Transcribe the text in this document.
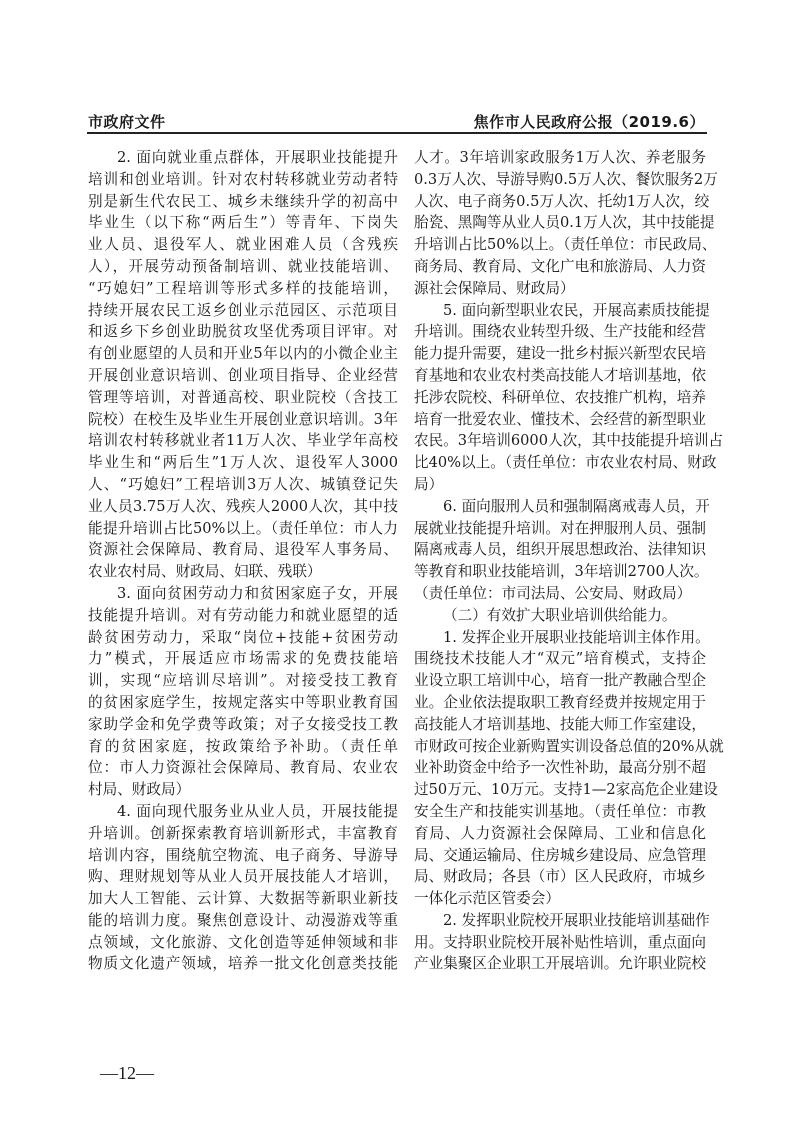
市政府文件	焦作市人民政府公报（2019.6）
2. 面向就业重点群体，开展职业技能提升
培训和创业培训。针对农村转移就业劳动者特
别是新生代农民工、城乡未继续升学的初高中
毕业生（以下称“两后生”）等青年、下岗失
业人员、退役军人、就业困难人员（含残疾
人），开展劳动预备制培训、就业技能培训、
“巧媳妇”工程培训等形式多样的技能培训，
持续开展农民工返乡创业示范园区、示范项目
和返乡下乡创业助脱贫攻坚优秀项目评审。对
有创业愿望的人员和开业5年以内的小微企业主
开展创业意识培训、创业项目指导、企业经营
管理等培训，对普通高校、职业院校（含技工
院校）在校生及毕业生开展创业意识培训。3年
培训农村转移就业者11万人次、毕业学年高校
毕业生和“两后生”1万人次、退役军人3000
人、“巧媳妇”工程培训3万人次、城镇登记失
业人员3.75万人次、残疾人2000人次，其中技
能提升培训占比50%以上。（责任单位：市人力
资源社会保障局、教育局、退役军人事务局、
农业农村局、财政局、妇联、残联）
3. 面向贫困劳动力和贫困家庭子女，开展
技能提升培训。对有劳动能力和就业愿望的适
龄贫困劳动力，采取“岗位+技能+贫困劳动
力”模式，开展适应市场需求的免费技能培
训，实现“应培训尽培训”。对接受技工教育
的贫困家庭学生，按规定落实中等职业教育国
家助学金和免学费等政策；对子女接受技工教
育的贫困家庭，按政策给予补助。（责任单
位：市人力资源社会保障局、教育局、农业农
村局、财政局）
4. 面向现代服务业从业人员，开展技能提
升培训。创新探索教育培训新形式，丰富教育
培训内容，围绕航空物流、电子商务、导游导
购、理财规划等从业人员开展技能人才培训，
加大人工智能、云计算、大数据等新职业新技
能的培训力度。聚焦创意设计、动漫游戏等重
点领域，文化旅游、文化创造等延伸领域和非
物质文化遗产领域，培养一批文化创意类技能
人才。3年培训家政服务1万人次、养老服务
0.3万人次、导游导购0.5万人次、餐饮服务2万
人次、电子商务0.5万人次、托幼1万人次，绞
胎瓷、黑陶等从业人员0.1万人次，其中技能提
升培训占比50%以上。（责任单位：市民政局、
商务局、教育局、文化广电和旅游局、人力资
源社会保障局、财政局）
5. 面向新型职业农民，开展高素质技能提
升培训。围绕农业转型升级、生产技能和经营
能力提升需要，建设一批乡村振兴新型农民培
育基地和农业农村类高技能人才培训基地，依
托涉农院校、科研单位、农技推广机构，培养
培育一批爱农业、懂技术、会经营的新型职业
农民。3年培训6000人次，其中技能提升培训占
比40%以上。（责任单位：市农业农村局、财政
局）
6. 面向服刑人员和强制隔离戒毒人员，开
展就业技能提升培训。对在押服刑人员、强制
隔离戒毒人员，组织开展思想政治、法律知识
等教育和职业技能培训，3年培训2700人次。
（责任单位：市司法局、公安局、财政局）
（二）有效扩大职业培训供给能力。
1. 发挥企业开展职业技能培训主体作用。
围绕技术技能人才“双元”培育模式，支持企
业设立职工培训中心，培育一批产教融合型企
业。企业依法提取职工教育经费并按规定用于
高技能人才培训基地、技能大师工作室建设，
市财政可按企业新购置实训设备总值的20%从就
业补助资金中给予一次性补助，最高分别不超
过50万元、10万元。支持1—2家高危企业建设
安全生产和技能实训基地。（责任单位：市教
育局、人力资源社会保障局、工业和信息化
局、交通运输局、住房城乡建设局、应急管理
局、财政局；各县（市）区人民政府，市城乡
一体化示范区管委会）
2. 发挥职业院校开展职业技能培训基础作
用。支持职业院校开展补贴性培训，重点面向
产业集聚区企业职工开展培训。允许职业院校
—12—
